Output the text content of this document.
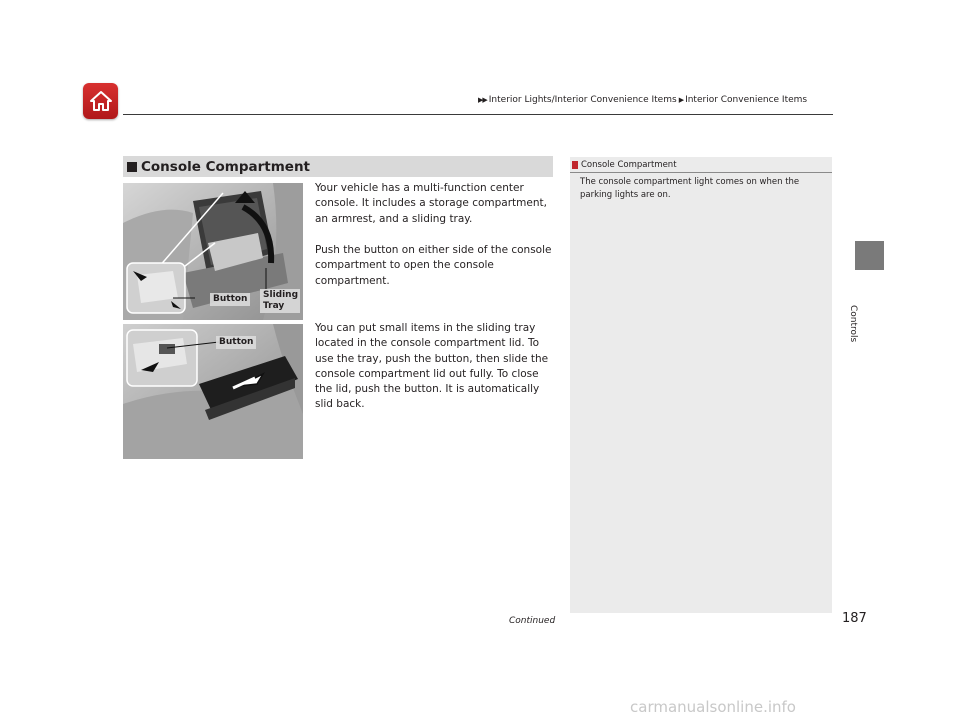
▶▶ Interior Lights/Interior Convenience Items ▶ Interior Convenience Items
Console Compartment
Your vehicle has a multi-function center console. It includes a storage compartment, an armrest, and a sliding tray.
Push the button on either side of the console compartment to open the console compartment.
You can put small items in the sliding tray located in the console compartment lid. To use the tray, push the button, then slide the console compartment lid out fully. To close the lid, push the button. It is automatically slid back.
Button	Sliding Tray
Button
Console Compartment
The console compartment light comes on when the parking lights are on.
Controls
Continued	187
carmanualsonline.info
